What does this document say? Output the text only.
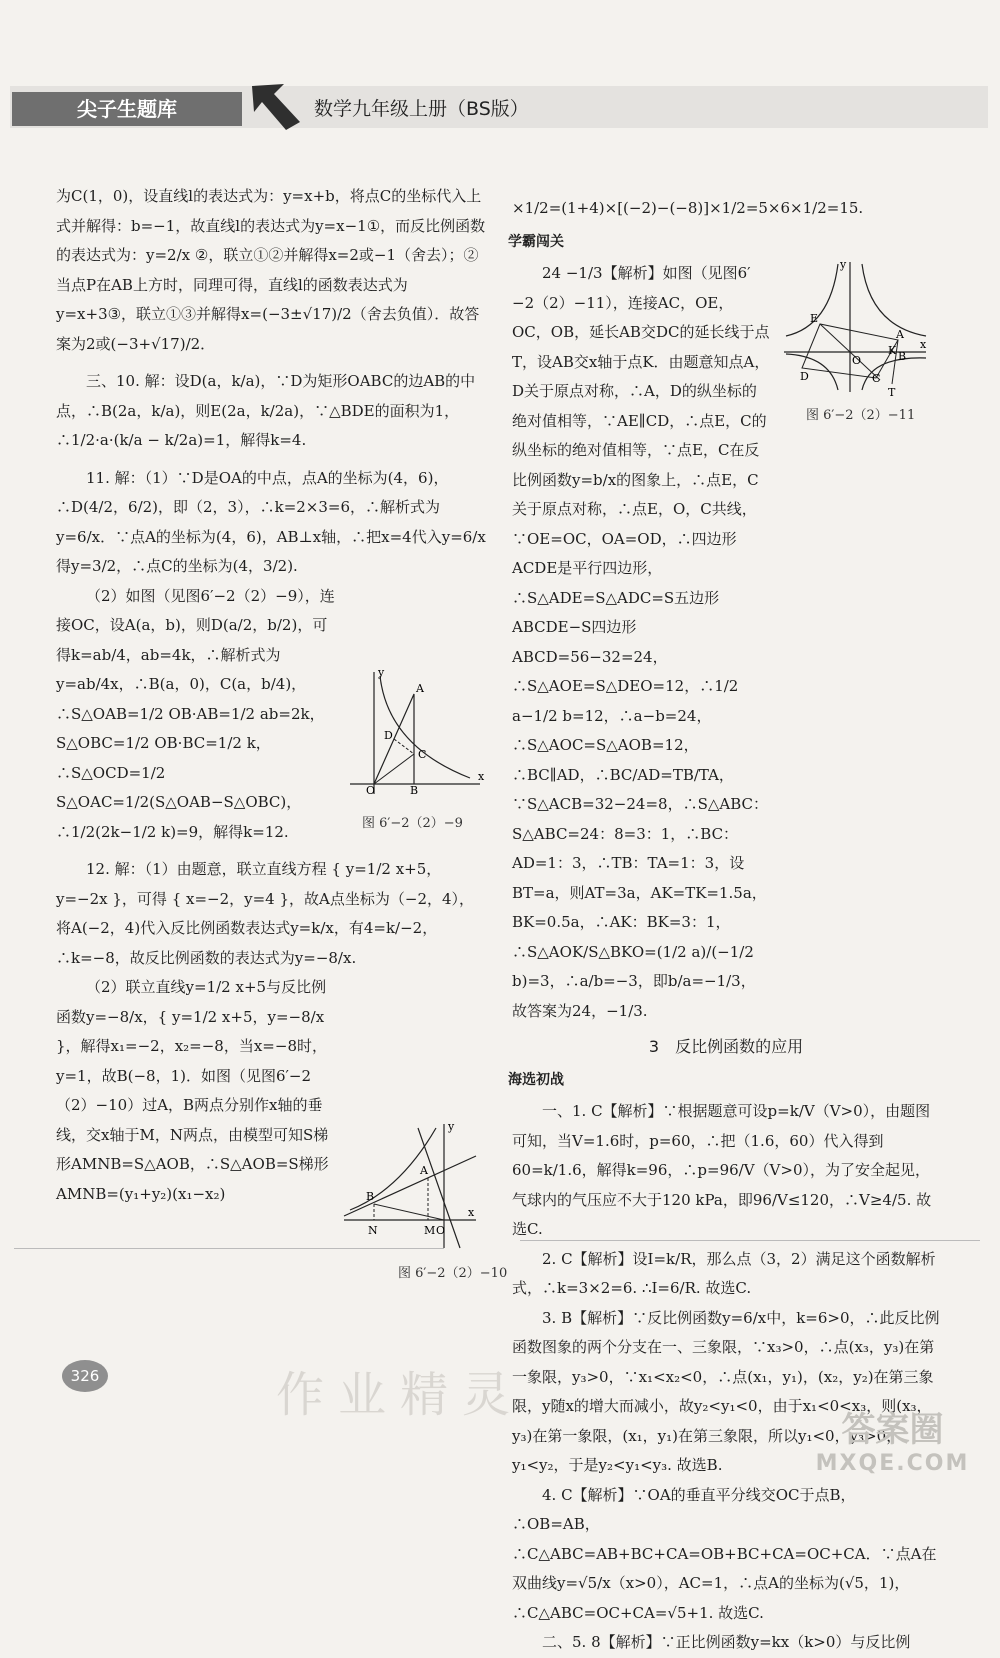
尖子生题库	数学九年级上册（BS版）

为C(1，0)，设直线l的表达式为：y=x+b，将点C的坐标代入上式并解得：b=−1，故直线l的表达式为y=x−1①，而反比例函数的表达式为：y=2/x ②，联立①②并解得x=2或−1（舍去）；②当点P在AB上方时，同理可得，直线l的函数表达式为y=x+3③，联立①③并解得x=(−3±√17)/2（舍去负值）．故答案为2或(−3+√17)/2．

三、10. 解：设D(a，k/a)，∵D为矩形OABC的边AB的中点，∴B(2a，k/a)，则E(2a，k/2a)，∵△BDE的面积为1，∴1/2·a·(k/a − k/2a)=1，解得k=4.

11. 解：（1）∵D是OA的中点，点A的坐标为(4，6)，∴D(4/2，6/2)，即（2，3），∴k=2×3=6，∴解析式为y=6/x．∵点A的坐标为(4，6)，AB⊥x轴，∴把x=4代入y=6/x得y=3/2，∴点C的坐标为(4，3/2).

（2）如图（见图6′−2（2）−9），连接OC，设A(a，b)，则D(a/2，b/2)，可得k=ab/4，ab=4k，∴解析式为y=ab/4x，∴B(a，0)，C(a，b/4)，∴S△OAB=1/2 OB·AB=1/2 ab=2k，S△OBC=1/2 OB·BC=1/2 k，∴S△OCD=1/2 S△OAC=1/2(S△OAB−S△OBC)，∴1/2(2k−1/2 k)=9，解得k=12.

12. 解：（1）由题意，联立直线方程 { y=1/2 x+5，y=−2x }，可得 { x=−2，y=4 }，故A点坐标为（−2，4），将A(−2，4)代入反比例函数表达式y=k/x，有4=k/−2，∴k=−8，故反比例函数的表达式为y=−8/x.

（2）联立直线y=1/2 x+5与反比例函数y=−8/x，{ y=1/2 x+5，y=−8/x }，解得x₁=−2，x₂=−8，当x=−8时，y=1，故B(−8，1)．如图（见图6′−2（2）−10）过A，B两点分别作x轴的垂线，交x轴于M，N两点，由模型可知S梯形AMNB=S△AOB，∴S△AOB=S梯形AMNB=(y₁+y₂)(x₁−x₂)

×1/2=(1+4)×[(−2)−(−8)]×1/2=5×6×1/2=15.

学霸闯关

24 −1/3【解析】如图（见图6′−2（2）−11），连接AC，OE，OC，OB，延长AB交DC的延长线于点T，设AB交x轴于点K．由题意知点A，D关于原点对称，∴A，D的纵坐标的绝对值相等，∵AE∥CD，∴点E，C的纵坐标的绝对值相等，∵点E，C在反比例函数y=b/x的图象上，∴点E，C关于原点对称，∴点E，O，C共线，∵OE=OC，OA=OD，∴四边形ACDE是平行四边形，∴S△ADE=S△ADC=S五边形ABCDE−S四边形ABCD=56−32=24，∴S△AOE=S△DEO=12，∴1/2 a−1/2 b=12，∴a−b=24，∴S△AOC=S△AOB=12，∴BC∥AD，∴BC/AD=TB/TA，∵S△ACB=32−24=8，∴S△ABC：S△ABC=24：8=3：1，∴BC：AD=1：3，∴TB：TA=1：3，设BT=a，则AT=3a，AK=TK=1.5a，BK=0.5a，∴AK：BK=3：1，∴S△AOK/S△BKO=(1/2 a)/(−1/2 b)=3，∴a/b=−3，即b/a=−1/3，故答案为24，−1/3.

3　反比例函数的应用
海选初战

一、1. C【解析】∵根据题意可设p=k/V（V>0），由题图可知，当V=1.6时，p=60，∴把（1.6，60）代入得到60=k/1.6，解得k=96，∴p=96/V（V>0），为了安全起见，气球内的气压应不大于120 kPa，即96/V≤120，∴V≥4/5. 故选C.

2. C【解析】设I=k/R，那么点（3，2）满足这个函数解析式，∴k=3×2=6. ∴I=6/R. 故选C.

3. B【解析】∵反比例函数y=6/x中，k=6>0，∴此反比例函数图象的两个分支在一、三象限，∵x₃>0，∴点(x₃，y₃)在第一象限，y₃>0，∵x₁<x₂<0，∴点(x₁，y₁)，(x₂，y₂)在第三象限，y随x的增大而减小，故y₂<y₁<0，由于x₁<0<x₃，则(x₃，y₃)在第一象限，(x₁，y₁)在第三象限，所以y₁<0，y₃>0，y₁<y₂，于是y₂<y₁<y₃. 故选B.

4. C【解析】∵OA的垂直平分线交OC于点B，∴OB=AB，∴C△ABC=AB+BC+CA=OB+BC+CA=OC+CA．∵点A在双曲线y=√5/x（x>0），AC=1，∴点A的坐标为(√5，1)，∴C△ABC=OC+CA=√5+1. 故选C.

二、5. 8【解析】∵正比例函数y=kx（k>0）与反比例

O	B
A
D
C
x
y
图 6′−2（2）−9
B
A
N	M O
x
y
图 6′−2（2）−10
E
A
B
K
O
D	C
T
x
y
图 6′−2（2）−11
326	作业精灵
答案圈
MXQE.COM
